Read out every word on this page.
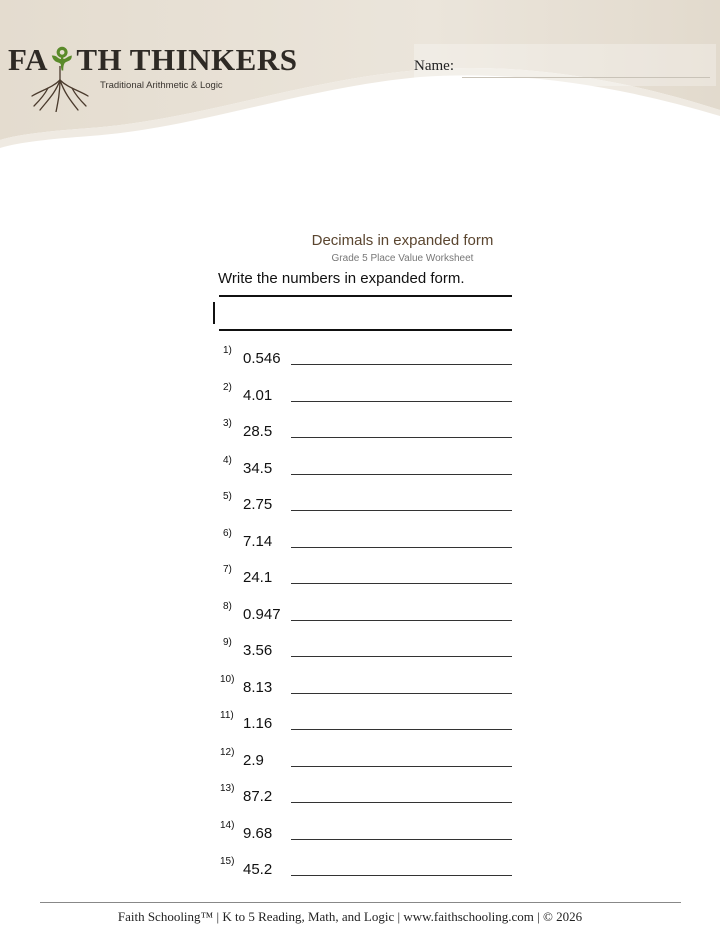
FA⚘TH THINKERS
Traditional Arithmetic & Logic
Name:
Decimals in expanded form
Grade 5 Place Value Worksheet
Write the numbers in expanded form.
1) 0.546
2) 4.01
3) 28.5
4) 34.5
5) 2.75
6) 7.14
7) 24.1
8) 0.947
9) 3.56
10) 8.13
11) 1.16
12) 2.9
13) 87.2
14) 9.68
15) 45.2
Faith Schooling™ | K to 5 Reading, Math, and Logic | www.faithschooling.com | © 2026
